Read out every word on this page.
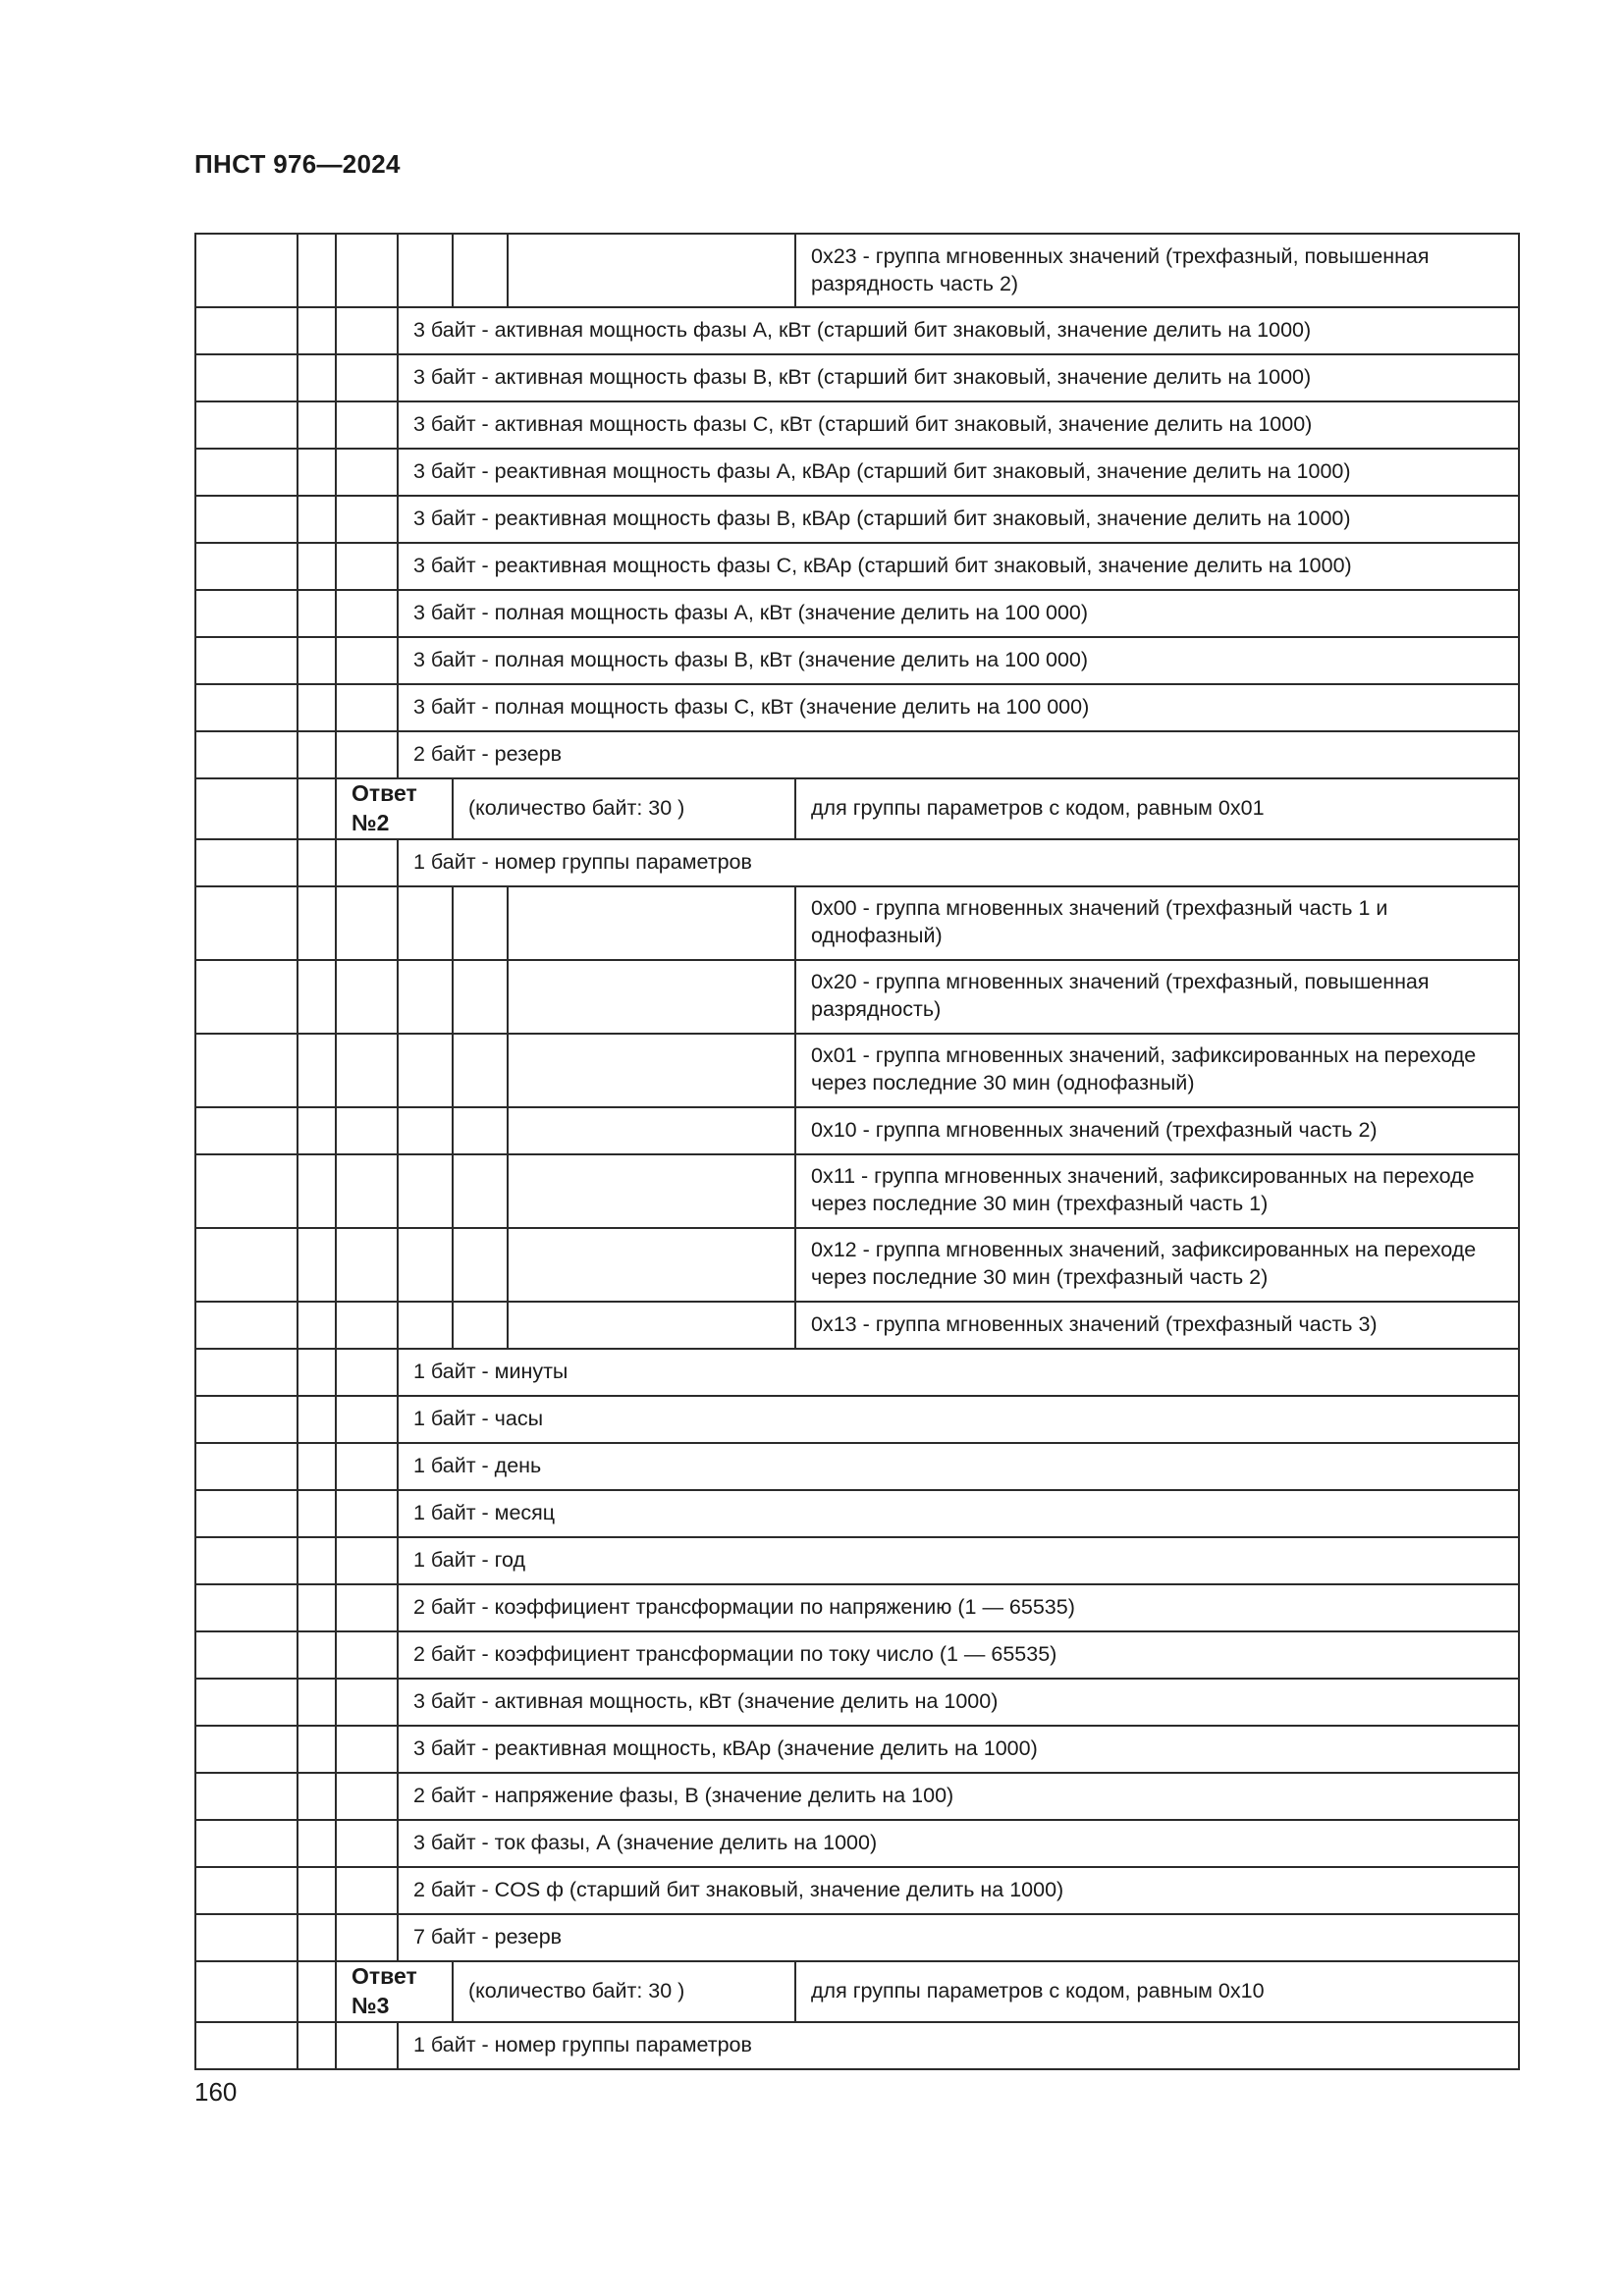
ПНСТ 976—2024
						0x23 - группа мгновенных значений (трехфазный, повышенная разрядность часть 2)
			3 байт - активная мощность фазы А, кВт (старший бит знаковый, значение делить на 1000)			
			3 байт - активная мощность фазы В, кВт (старший бит знаковый, значение делить на 1000)			
			3 байт - активная мощность фазы С, кВт (старший бит знаковый, значение делить на 1000)			
			3 байт - реактивная мощность фазы А, кВАр (старший бит знаковый, значение делить на 1000)			
			3 байт - реактивная мощность фазы В, кВАр (старший бит знаковый, значение делить на 1000)			
			3 байт - реактивная мощность фазы С, кВАр (старший бит знаковый, значение делить на 1000)			
			3 байт - полная мощность фазы А, кВт (значение делить на 100 000)			
			3 байт - полная мощность фазы В, кВт (значение делить на 100 000)			
			3 байт - полная мощность фазы С, кВт (значение делить на 100 000)			
			2 байт - резерв			
		Ответ №2		(количество байт: 30 )		для группы параметров с кодом, равным 0x01
			1 байт - номер группы параметров			
						0x00 - группа мгновенных значений (трехфазный часть 1 и однофазный)
						0x20 - группа мгновенных значений (трехфазный, повышенная разрядность)
						0x01 - группа мгновенных значений, зафиксированных на переходе через последние 30 мин (однофазный)
						0x10 - группа мгновенных значений (трехфазный часть 2)
						0x11 - группа мгновенных значений, зафиксированных на переходе через последние 30 мин (трехфазный часть 1)
						0x12 - группа мгновенных значений, зафиксированных на переходе через последние 30 мин (трехфазный часть 2)
						0x13 - группа мгновенных значений (трехфазный часть 3)
			1 байт - минуты			
			1 байт - часы			
			1 байт - день			
			1 байт - месяц			
			1 байт - год			
			2 байт - коэффициент трансформации по напряжению (1 — 65535)			
			2 байт - коэффициент трансформации по току число (1 — 65535)			
			3 байт - активная мощность, кВт (значение делить на 1000)			
			3 байт - реактивная мощность, кВАр (значение делить на 1000)			
			2 байт - напряжение фазы, В (значение делить на 100)			
			3 байт - ток фазы, А (значение делить на 1000)			
			2 байт - COS ф (старший бит знаковый, значение делить на 1000)			
			7 байт - резерв			
		Ответ №3		(количество байт: 30 )		для группы параметров с кодом, равным 0x10
			1 байт - номер группы параметров			
160
